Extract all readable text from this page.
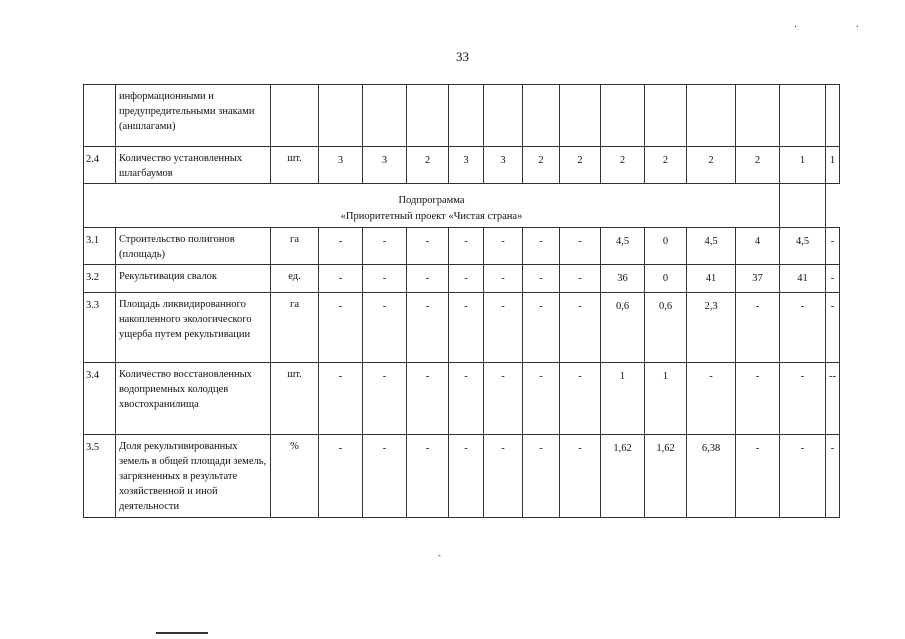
33
· ·
	информационными и предупредительными знаками (аншлагами)														
2.4	Количество установленных шлагбаумов	шт.	3	3	2	3	3	2	2	2	2	2	2	1	1

Подпрограмма
«Приоритетный проект «Чистая страна»															

3.1	Строительство полигонов (площадь)	га	-	-	-	-	-	-	-	4,5	0	4,5	4	4,5	-
3.2	Рекультивация свалок	ед.	-	-	-	-	-	-	-	36	0	41	37	41	-
3.3	Площадь ликвидированного накопленного экологического ущерба путем рекультивации	га	-	-	-	-	-	-	-	0,6	0,6	2,3	-	-	-
3.4	Количество восстановленных водоприемных колодцев хвостохранилища	шт.	-	-	-	-	-	-	-	1	1	-	-	-	--
3.5	Доля рекультивированных земель в общей площади земель, загрязненных в результате хозяйственной и иной деятельности	%	-	-	-	-	-	-	-	1,62	1,62	6,38	-	-	-
-
